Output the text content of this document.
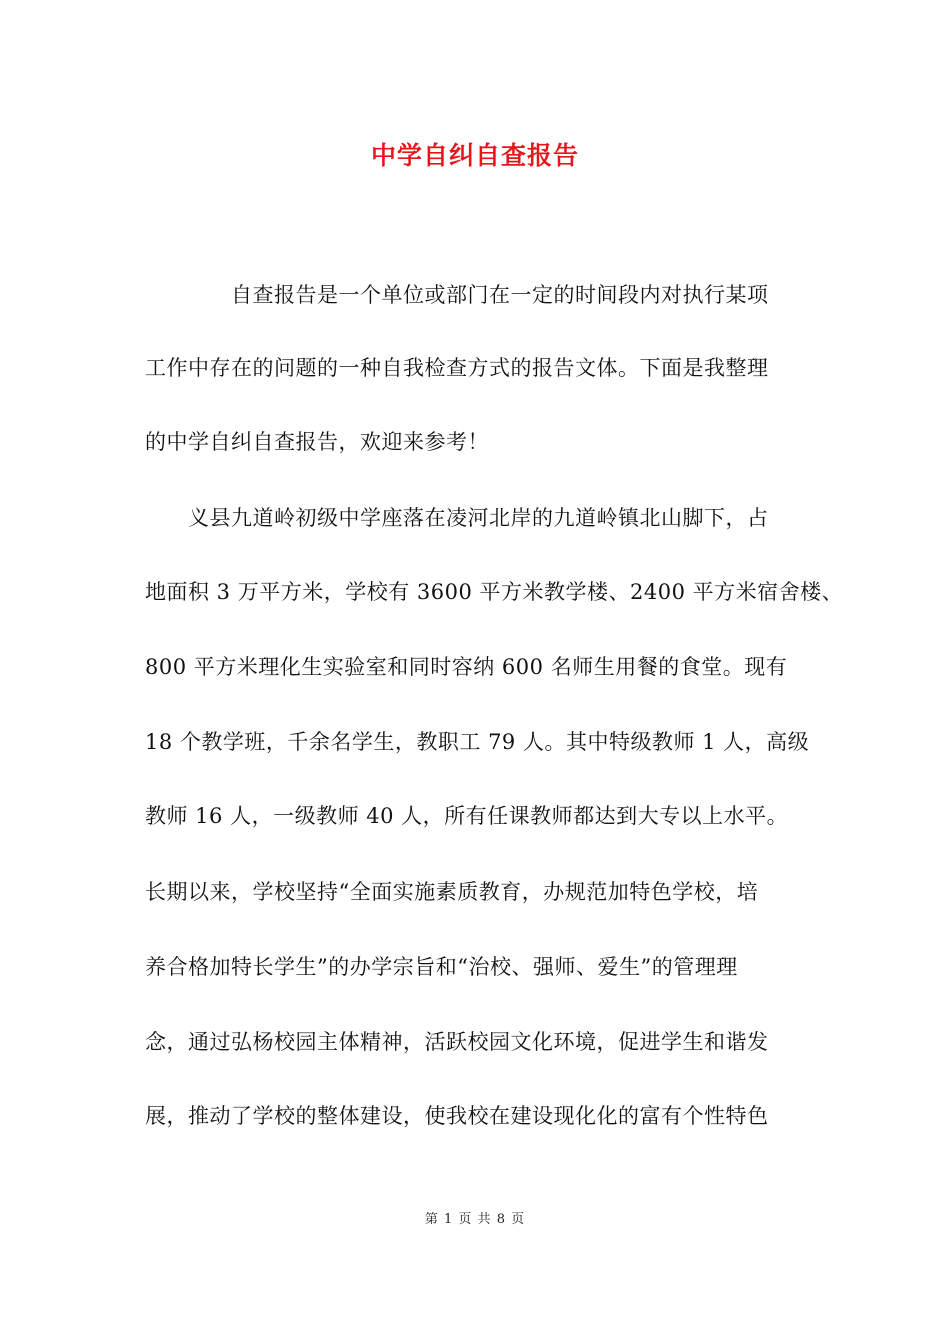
中学自纠自查报告
　　　　自查报告是一个单位或部门在一定的时间段内对执行某项
工作中存在的问题的一种自我检查方式的报告文体。下面是我整理
的中学自纠自查报告，欢迎来参考！
　　义县九道岭初级中学座落在凌河北岸的九道岭镇北山脚下，占
地面积 3 万平方米，学校有 3600 平方米教学楼、2400 平方米宿舍楼、
800 平方米理化生实验室和同时容纳 600 名师生用餐的食堂。现有
18 个教学班，千余名学生，教职工 79 人。其中特级教师 1 人，高级
教师 16 人，一级教师 40 人，所有任课教师都达到大专以上水平。
长期以来，学校坚持“全面实施素质教育，办规范加特色学校，培
养合格加特长学生”的办学宗旨和“治校、强师、爱生”的管理理
念，通过弘杨校园主体精神，活跃校园文化环境，促进学生和谐发
展，推动了学校的整体建设，使我校在建设现化化的富有个性特色
第 1 页 共 8 页
